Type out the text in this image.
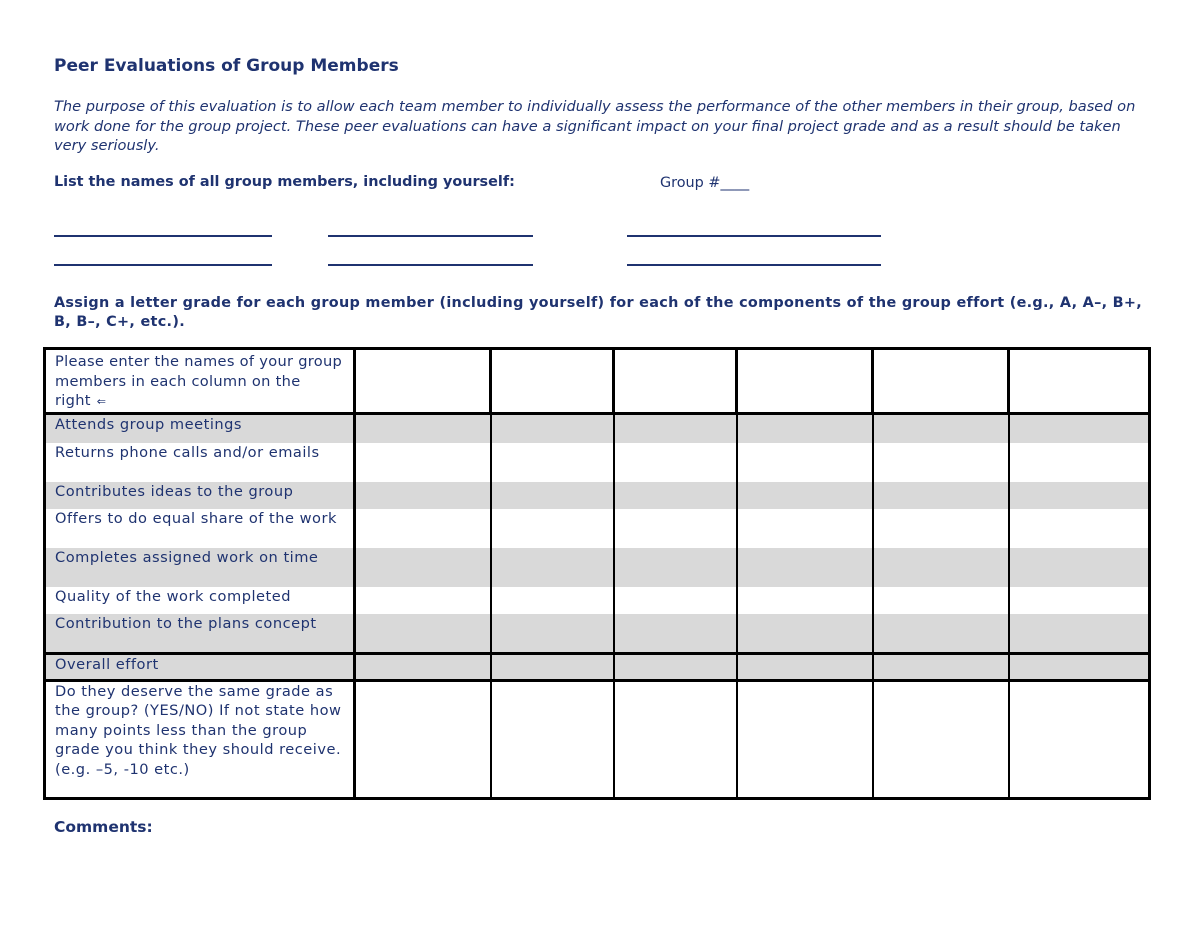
Peer Evaluations of Group Members
The purpose of this evaluation is to allow each team member to individually assess the performance of the other members in their group, based on work done for the group project. These peer evaluations can have a significant impact on your final project grade and as a result should be taken very seriously.
List the names of all group members, including yourself:	Group #____
Assign a letter grade for each group member (including yourself) for each of the components of the group effort (e.g., A, A–, B+, B, B–, C+, etc.).
Please enter the names of your group members in each column on the right ⇐						
Attends group meetings						
Returns phone calls and/or emails						
Contributes ideas to the group						
Offers to do equal share of the work						
Completes assigned work on time						
Quality of the work completed						
Contribution to the plans concept						
Overall effort						
Do they deserve the same grade as the group? (YES/NO) If not state how many points less than the group grade you think they should receive. (e.g. –5, -10 etc.)						
Comments:
